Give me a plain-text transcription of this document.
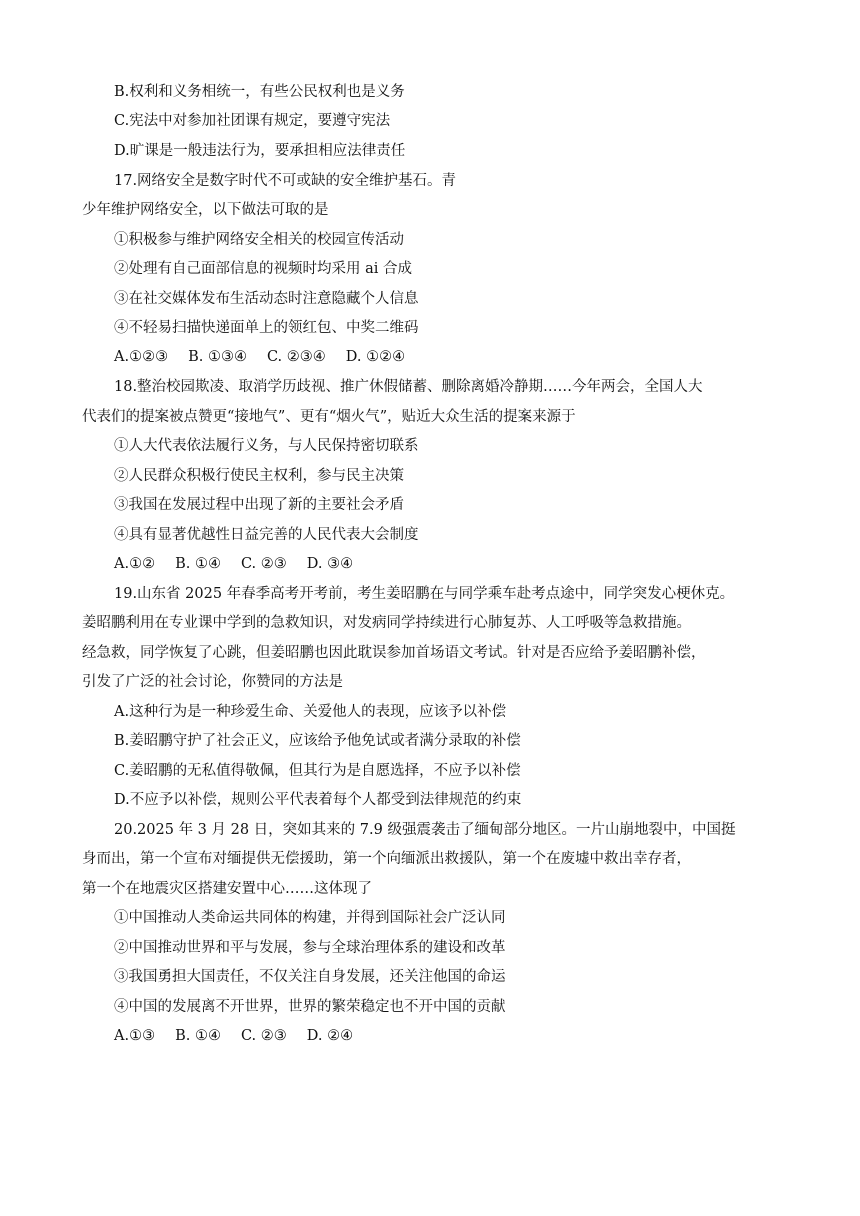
B.权利和义务相统一，有些公民权利也是义务
C.宪法中对参加社团课有规定，要遵守宪法
D.旷课是一般违法行为，要承担相应法律责任
17.网络安全是数字时代不可或缺的安全维护基石。青
少年维护网络安全，以下做法可取的是
①积极参与维护网络安全相关的校园宣传活动
②处理有自己面部信息的视频时均采用 ai 合成
③在社交媒体发布生活动态时注意隐藏个人信息
④不轻易扫描快递面单上的领红包、中奖二维码
A.①②③ B. ①③④ C. ②③④ D. ①②④
18.整治校园欺凌、取消学历歧视、推广休假储蓄、删除离婚冷静期……今年两会，全国人大
代表们的提案被点赞更“接地气”、更有“烟火气”，贴近大众生活的提案来源于
①人大代表依法履行义务，与人民保持密切联系
②人民群众积极行使民主权利，参与民主决策
③我国在发展过程中出现了新的主要社会矛盾
④具有显著优越性日益完善的人民代表大会制度
A.①② B. ①④ C. ②③ D. ③④
19.山东省 2025 年春季高考开考前，考生姜昭鹏在与同学乘车赴考点途中，同学突发心梗休克。
姜昭鹏利用在专业课中学到的急救知识，对发病同学持续进行心肺复苏、人工呼吸等急救措施。
经急救，同学恢复了心跳，但姜昭鹏也因此耽误参加首场语文考试。针对是否应给予姜昭鹏补偿，
引发了广泛的社会讨论，你赞同的方法是
A.这种行为是一种珍爱生命、关爱他人的表现，应该予以补偿
B.姜昭鹏守护了社会正义，应该给予他免试或者满分录取的补偿
C.姜昭鹏的无私值得敬佩，但其行为是自愿选择，不应予以补偿
D.不应予以补偿，规则公平代表着每个人都受到法律规范的约束
20.2025 年 3 月 28 日，突如其来的 7.9 级强震袭击了缅甸部分地区。一片山崩地裂中，中国挺
身而出，第一个宣布对缅提供无偿援助，第一个向缅派出救援队，第一个在废墟中救出幸存者，
第一个在地震灾区搭建安置中心……这体现了
①中国推动人类命运共同体的构建，并得到国际社会广泛认同
②中国推动世界和平与发展，参与全球治理体系的建设和改革
③我国勇担大国责任，不仅关注自身发展，还关注他国的命运
④中国的发展离不开世界，世界的繁荣稳定也不开中国的贡献
A.①③ B. ①④ C. ②③ D. ②④
